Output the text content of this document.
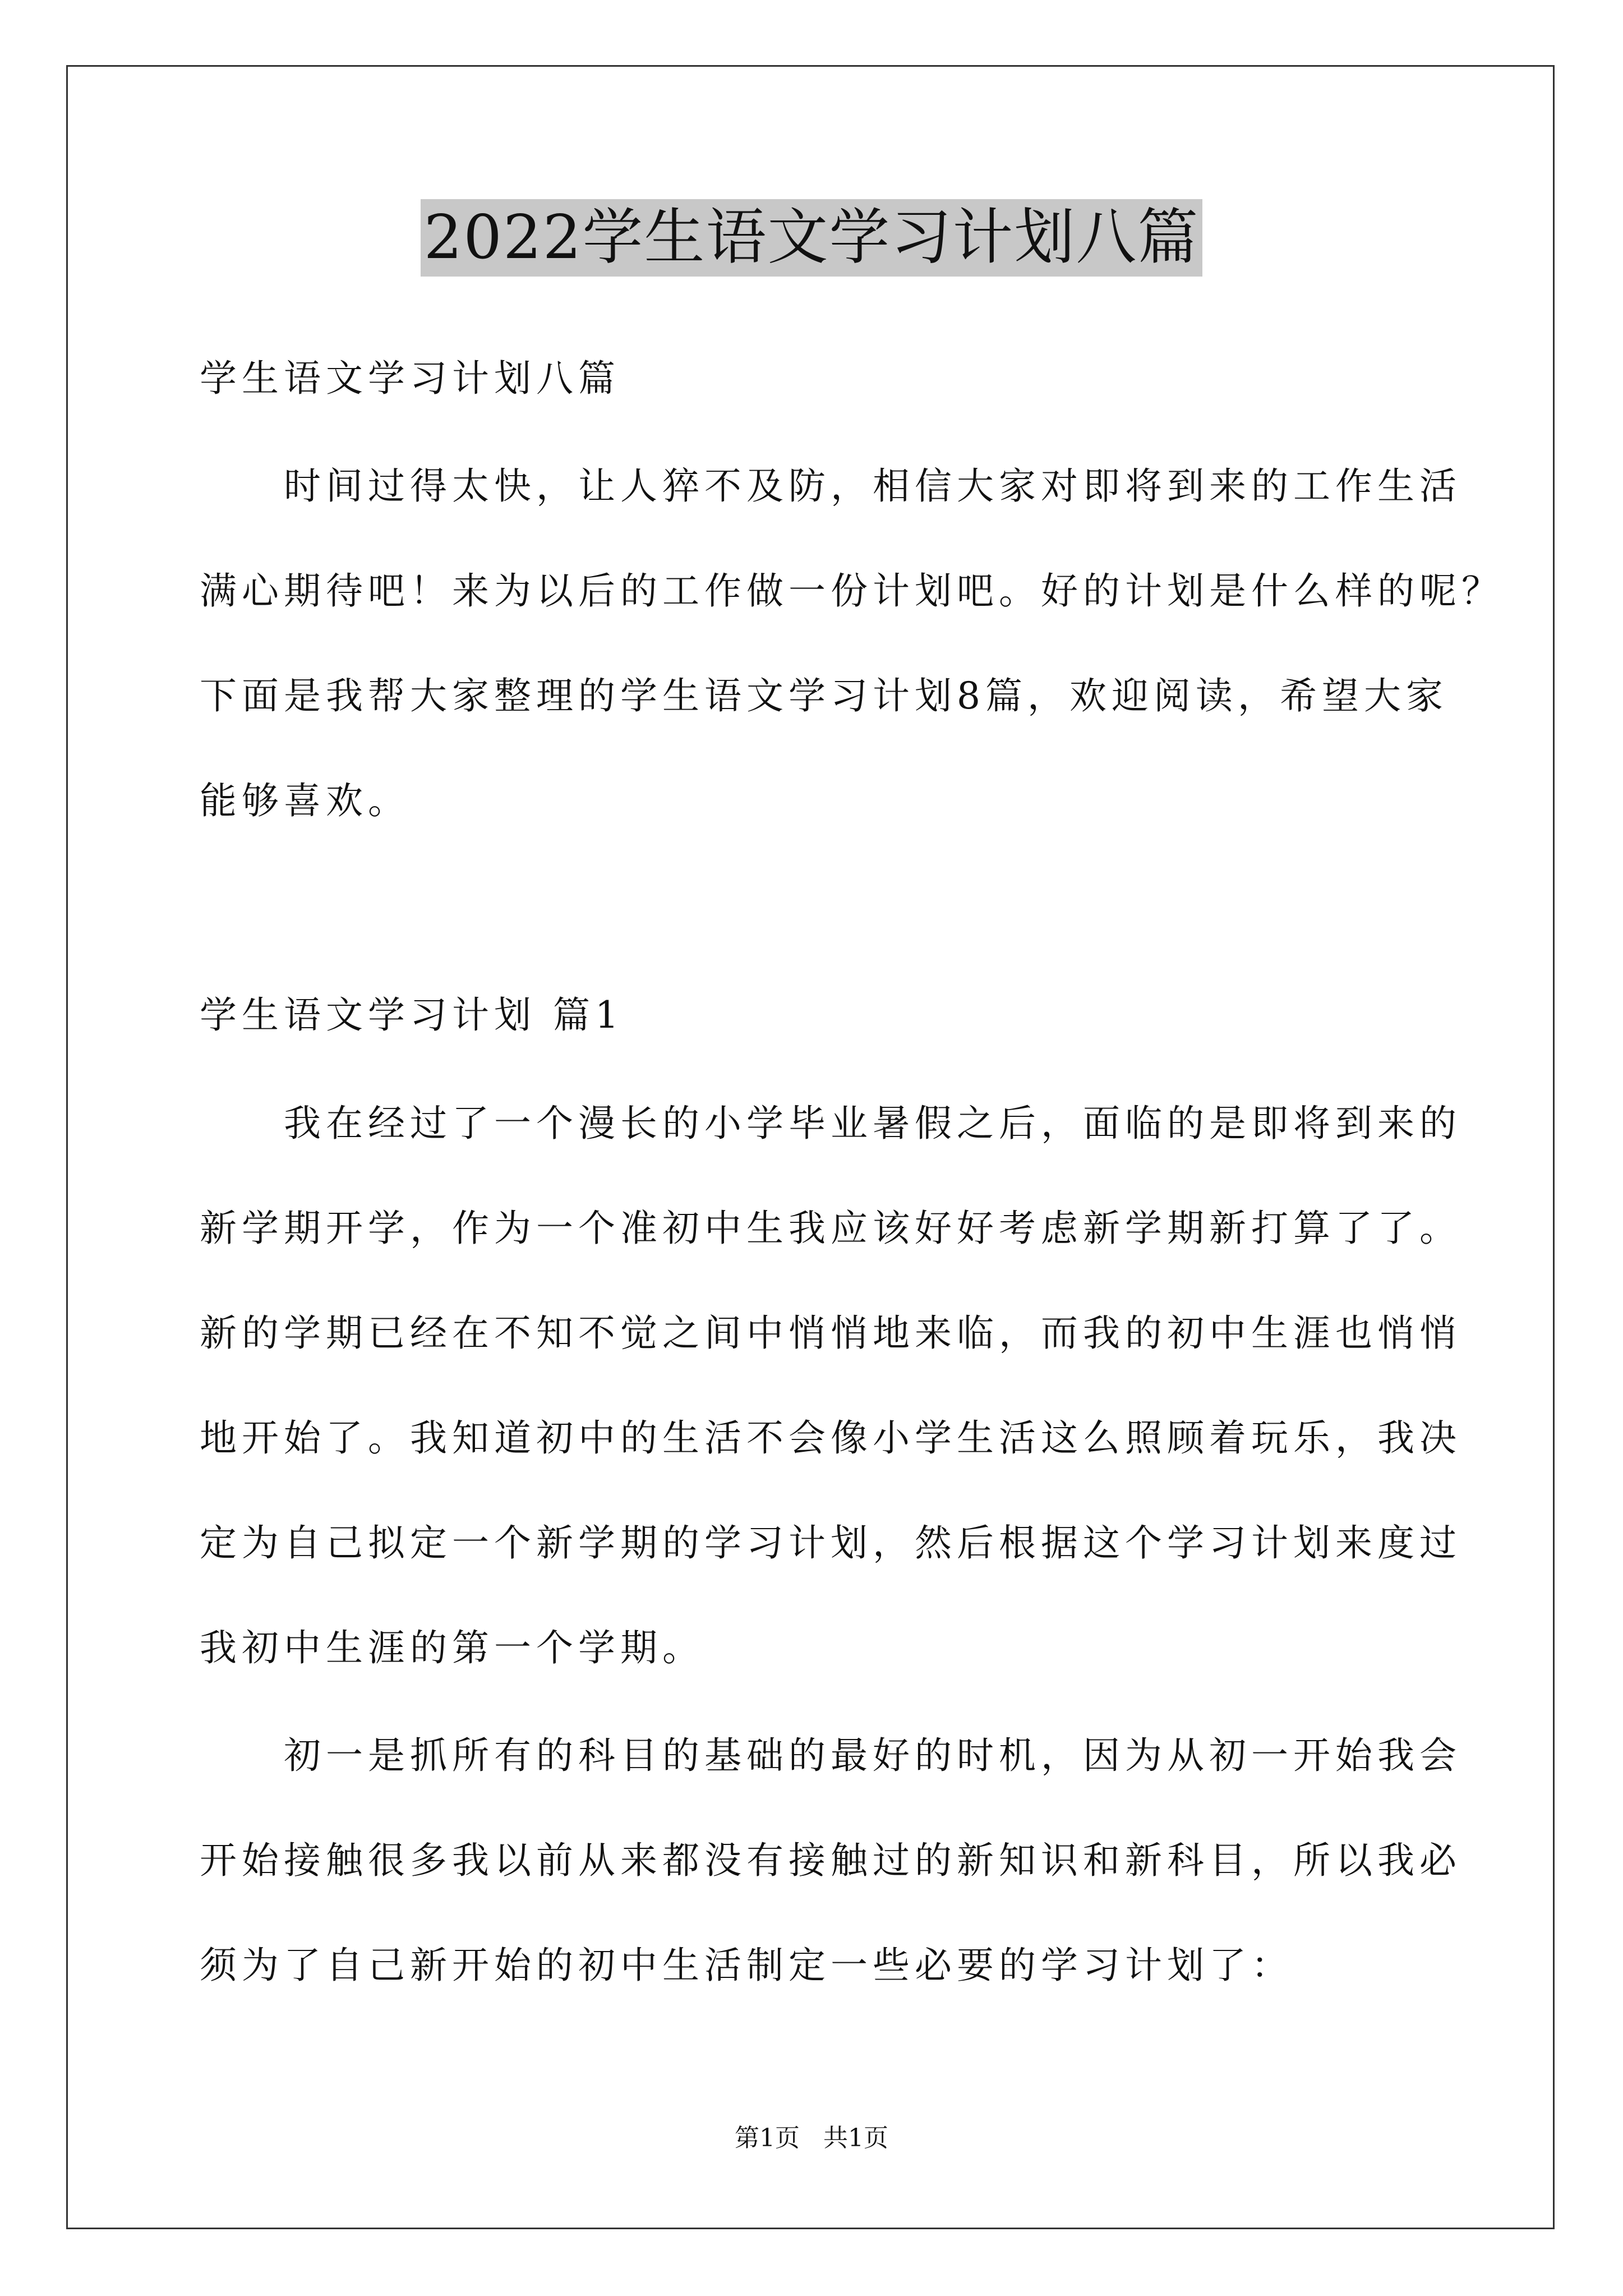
2022学生语文学习计划八篇
学生语文学习计划八篇
　　时间过得太快，让人猝不及防，相信大家对即将到来的工作生活
满心期待吧！来为以后的工作做一份计划吧。好的计划是什么样的呢？
下面是我帮大家整理的学生语文学习计划8篇，欢迎阅读，希望大家
能够喜欢。
学生语文学习计划 篇1
　　我在经过了一个漫长的小学毕业暑假之后，面临的是即将到来的
新学期开学，作为一个准初中生我应该好好考虑新学期新打算了了。
新的学期已经在不知不觉之间中悄悄地来临，而我的初中生涯也悄悄
地开始了。我知道初中的生活不会像小学生活这么照顾着玩乐，我决
定为自己拟定一个新学期的学习计划，然后根据这个学习计划来度过
我初中生涯的第一个学期。
　　初一是抓所有的科目的基础的最好的时机，因为从初一开始我会
开始接触很多我以前从来都没有接触过的新知识和新科目，所以我必
须为了自己新开始的初中生活制定一些必要的学习计划了：
第1页 共1页
